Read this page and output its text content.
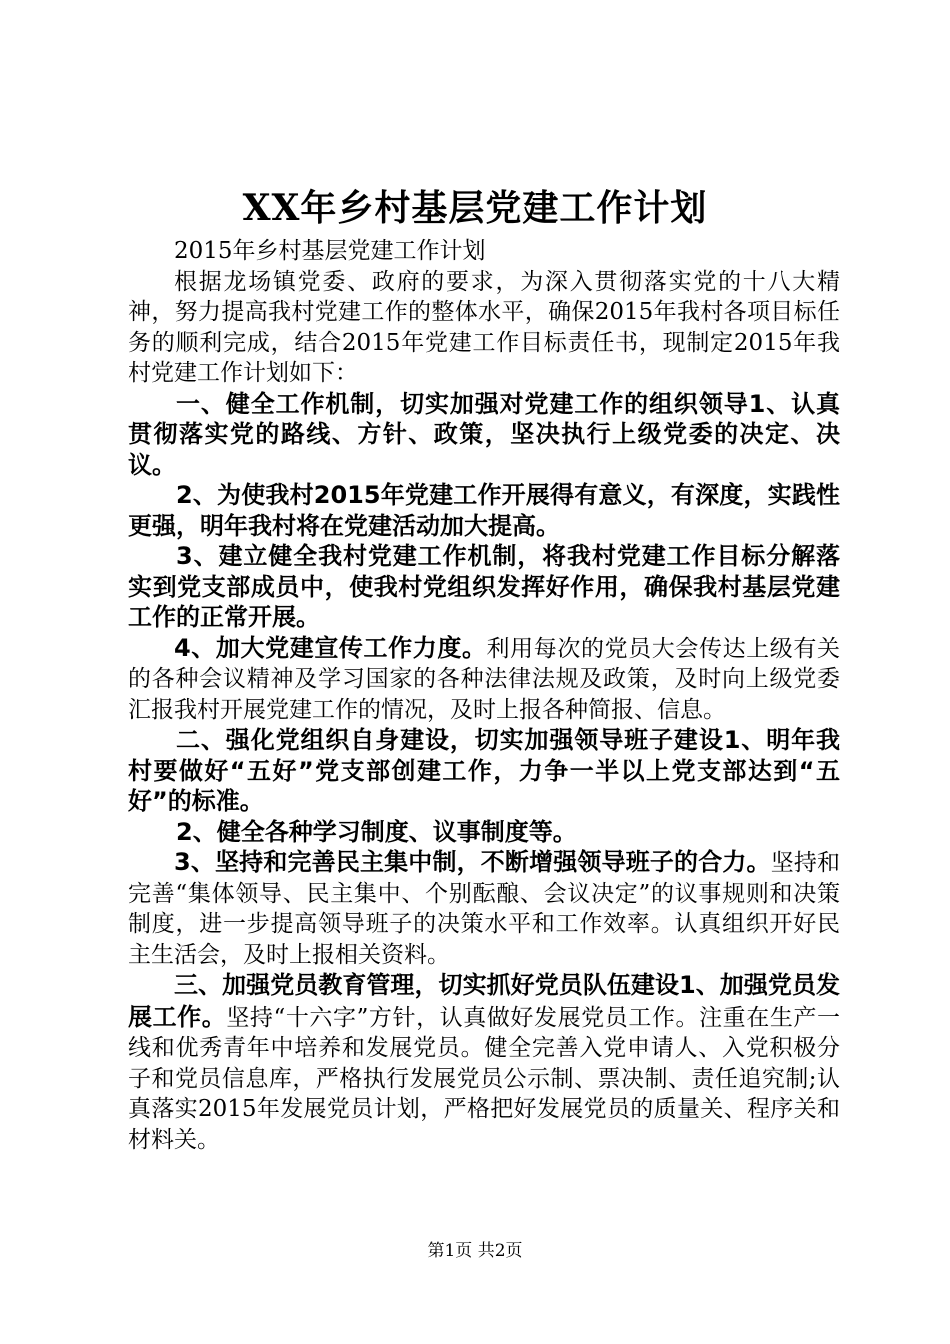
XX年乡村基层党建工作计划

2015年乡村基层党建工作计划

根据龙场镇党委、政府的要求，为深入贯彻落实党的十八大精神，努力提高我村党建工作的整体水平，确保2015年我村各项目标任务的顺利完成，结合2015年党建工作目标责任书，现制定2015年我村党建工作计划如下：

一、健全工作机制，切实加强对党建工作的组织领导1、认真贯彻落实党的路线、方针、政策，坚决执行上级党委的决定、决议。

2、为使我村2015年党建工作开展得有意义，有深度，实践性更强，明年我村将在党建活动加大提高。

3、建立健全我村党建工作机制，将我村党建工作目标分解落实到党支部成员中，使我村党组织发挥好作用，确保我村基层党建工作的正常开展。

4、加大党建宣传工作力度。利用每次的党员大会传达上级有关的各种会议精神及学习国家的各种法律法规及政策，及时向上级党委汇报我村开展党建工作的情况，及时上报各种简报、信息。

二、强化党组织自身建设，切实加强领导班子建设1、明年我村要做好“五好”党支部创建工作，力争一半以上党支部达到“五好”的标准。

2、健全各种学习制度、议事制度等。

3、坚持和完善民主集中制，不断增强领导班子的合力。坚持和完善“集体领导、民主集中、个别酝酿、会议决定”的议事规则和决策制度，进一步提高领导班子的决策水平和工作效率。认真组织开好民主生活会，及时上报相关资料。

三、加强党员教育管理，切实抓好党员队伍建设1、加强党员发展工作。坚持“十六字”方针，认真做好发展党员工作。注重在生产一线和优秀青年中培养和发展党员。健全完善入党申请人、入党积极分子和党员信息库，严格执行发展党员公示制、票决制、责任追究制;认真落实2015年发展党员计划，严格把好发展党员的质量关、程序关和材料关。

第1页 共2页
